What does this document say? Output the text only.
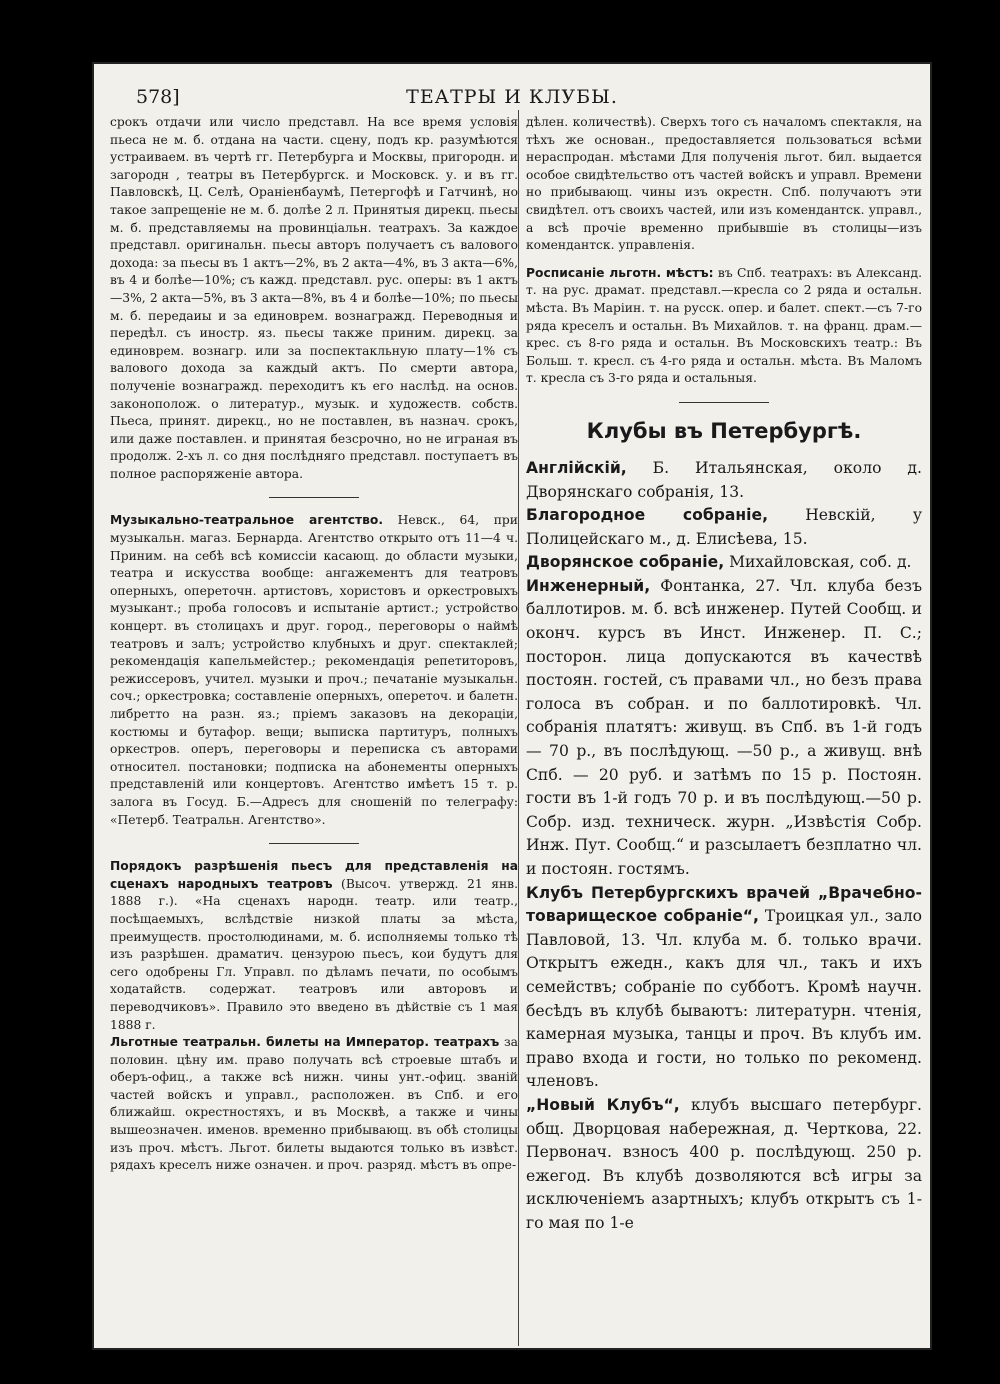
578]	ТЕАТРЫ И КЛУБЫ.

срокъ отдачи или число представл. На все время условія пьеса не м. б. отдана на части. сцену, подъ кр. разумѣются устраиваем. въ чертѣ гг. Петербурга и Москвы, пригородн. и загородн , театры въ Петербургск. и Московск. у. и въ гг. Павловскѣ, Ц. Селѣ, Ораніенбаумѣ, Петергофѣ и Гатчинѣ, но такое запрещеніе не м. б. долѣе 2 л. Принятыя дирекц. пьесы м. б. представляемы на провинціальн. театрахъ. За каждое представл. оригинальн. пьесы авторъ получаетъ съ валового дохода: за пьесы въ 1 актъ—2%, въ 2 акта—4%, въ 3 акта—6%, въ 4 и болѣе—10%; съ кажд. представл. рус. оперы: въ 1 актъ—3%, 2 акта—5%, въ 3 акта—8%, въ 4 и болѣе—10%; по пьесы м. б. передаиы и за единоврем. вознагражд. Переводныя и передѣл. съ иностр. яз. пьесы также приним. дирекц. за единоврем. вознагр. или за поспектакльную плату—1% съ валового дохода за каждый актъ. По смерти автора, полученіе вознагражд. переходитъ къ его наслѣд. на основ. законополож. о литератур., музык. и художеств. собств. Пьеса, принят. дирекц., но не поставлен, въ назнач. срокъ, или даже поставлен. и принятая безсрочно, но не играная въ продолж. 2-хъ л. со дня послѣдняго представл. поступаетъ въ полное распоряженіе автора.

Музыкально-театральное агентство. Невск., 64, при музыкальн. магаз. Бернарда. Агентство открыто отъ 11—4 ч. Приним. на себѣ всѣ комиссіи касающ. до области музыки, театра и искусства вообще: ангажементъ для театровъ оперныхъ, опереточн. артистовъ, хористовъ и оркестровыхъ музыкант.; проба голосовъ и испытаніе артист.; устройство концерт. въ столицахъ и друг. город., переговоры о наймѣ театровъ и залъ; устройство клубныхъ и друг. спектаклей; рекомендація капельмейстер.; рекомендація репетиторовъ, режиссеровъ, учител. музыки и проч.; печатаніе музыкальн. соч.; оркестровка; составленіе оперныхъ, опереточ. и балетн. либретто на разн. яз.; пріемъ заказовъ на декораціи, костюмы и бутафор. вещи; выписка партитуръ, полныхъ оркестров. оперъ, переговоры и переписка съ авторами относител. постановки; подписка на абонементы оперныхъ представленій или концертовъ. Агентство имѣетъ 15 т. р. залога въ Госуд. Б.—Адресъ для сношеній по телеграфу: «Петерб. Театральн. Агентство».

Порядокъ разрѣшенія пьесъ для представленія на сценахъ народныхъ театровъ (Высоч. утвержд. 21 янв. 1888 г.). «На сценахъ народн. театр. или театр., посѣщаемыхъ, вслѣдствіе низкой платы за мѣста, преимуществ. простолюдинами, м. б. исполняемы только тѣ изъ разрѣшен. драматич. цензурою пьесъ, кои будутъ для сего одобрены Гл. Управл. по дѣламъ печати, по особымъ ходатайств. содержат. театровъ или авторовъ и переводчиковъ». Правило это введено въ дѣйствіе съ 1 мая 1888 г.

Льготные театральн. билеты на Император. театрахъ за половин. цѣну им. право получать всѣ строевые штабъ и оберъ-офиц., а также всѣ нижн. чины унт.-офиц. званій частей войскъ и управл., расположен. въ Спб. и его ближайш. окрестностяхъ, и въ Москвѣ, а также и чины вышеозначен. именов. временно прибывающ. въ обѣ столицы изъ проч. мѣстъ. Льгот. билеты выдаются только въ извѣст. рядахъ креселъ ниже означен. и проч. разряд. мѣстъ въ опре-

дѣлен. количествѣ). Сверхъ того съ началомъ спектакля, на тѣхъ же основан., предоставляется пользоваться всѣми нераспродан. мѣстами Для полученія льгот. бил. выдается особое свидѣтельство отъ частей войскъ и управл. Времени но прибывающ. чины изъ окрестн. Спб. получаютъ эти свидѣтел. отъ своихъ частей, или изъ комендантск. управл., а всѣ прочіе временно прибывшіе въ столицы—изъ комендантск. управленія.

Росписаніе льготн. мѣстъ: въ Спб. театрахъ: въ Александ. т. на рус. драмат. представл.—кресла со 2 ряда и остальн. мѣста. Въ Маріин. т. на русск. опер. и балет. спект.—съ 7-го ряда креселъ и остальн. Въ Михайлов. т. на франц. драм.—крес. съ 8-го ряда и остальн. Въ Московскихъ театр.: Въ Больш. т. кресл. съ 4-го ряда и остальн. мѣста. Въ Маломъ т. кресла съ 3-го ряда и остальныя.

Клубы въ Петербургѣ.

Англійскій, Б. Итальянская, около д. Дворянскаго собранія, 13.

Благородное собраніе, Невскій, у Полицейскаго м., д. Елисѣева, 15.

Дворянское собраніе, Михайловская, соб. д.

Инженерный, Фонтанка, 27. Чл. клуба безъ баллотиров. м. б. всѣ инженер. Путей Сообщ. и оконч. курсъ въ Инст. Инженер. П. С.; посторон. лица допускаются въ качествѣ постоян. гостей, съ правами чл., но безъ права голоса въ собран. и по баллотировкѣ. Чл. собранія платятъ: живущ. въ Спб. въ 1-й годъ — 70 р., въ послѣдующ. —50 р., а живущ. внѣ Спб. — 20 руб. и затѣмъ по 15 р. Постоян. гости въ 1-й годъ 70 р. и въ послѣдующ.—50 р. Собр. изд. техническ. журн. „Извѣстія Собр. Инж. Пут. Сообщ.“ и разсылаетъ безплатно чл. и постоян. гостямъ.

Клубъ Петербургскихъ врачей „Врачебно-товарищеское собраніе“, Троицкая ул., зало Павловой, 13. Чл. клуба м. б. только врачи. Открытъ ежедн., какъ для чл., такъ и ихъ семействъ; собраніе по субботъ. Кромѣ научн. бесѣдъ въ клубѣ бываютъ: литературн. чтенія, камерная музыка, танцы и проч. Въ клубъ им. право входа и гости, но только по рекоменд. членовъ.

„Новый Клубъ“, клубъ высшаго петербург. общ. Дворцовая набережная, д. Черткова, 22. Первонач. взносъ 400 р. послѣдующ. 250 р. ежегод. Въ клубѣ дозволяются всѣ игры за исключеніемъ азартныхъ; клубъ открытъ съ 1-го мая по 1-е
